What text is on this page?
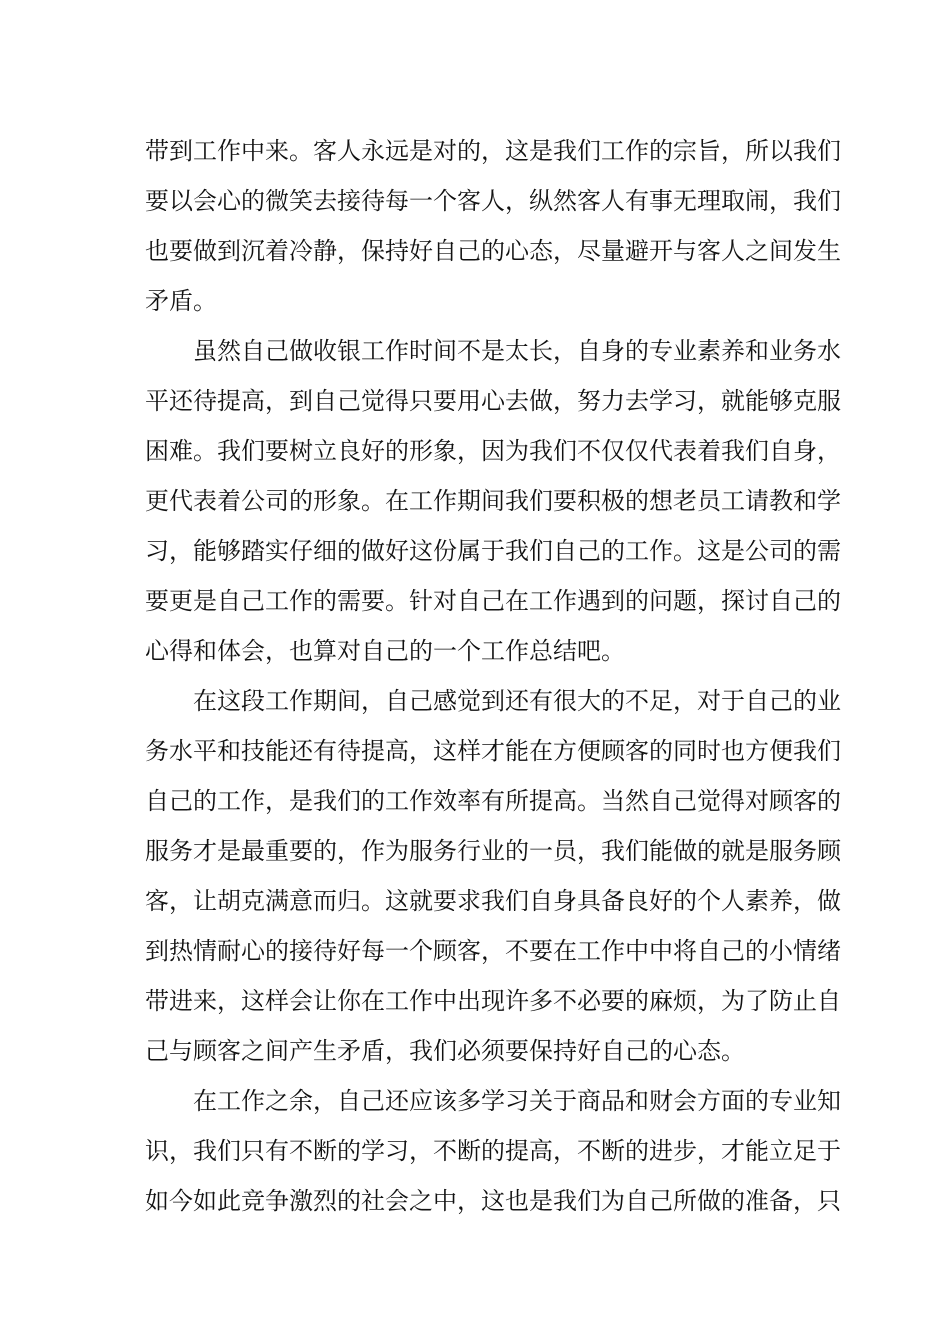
带 到 工 作 中 来 。 客 人 永 远 是 对 的 ， 这 是 我 们 工 作 的 宗 旨 ， 所 以 我 们
要 以 会 心 的 微 笑 去 接 待 每 一 个 客 人 ， 纵 然 客 人 有 事 无 理 取 闹 ， 我 们
也 要 做 到 沉 着 冷 静 ， 保 持 好 自 己 的 心 态 ， 尽 量 避 开 与 客 人 之 间 发 生
矛盾。
虽 然 自 己 做 收 银 工 作 时 间 不 是 太 长 ， 自 身 的 专 业 素 养 和 业 务 水
平 还 待 提 高 ， 到 自 己 觉 得 只 要 用 心 去 做 ， 努 力 去 学 习 ， 就 能 够 克 服
困 难 。 我 们 要 树 立 良 好 的 形 象 ， 因 为 我 们 不 仅 仅 代 表 着 我 们 自 身 ，
更 代 表 着 公 司 的 形 象 。 在 工 作 期 间 我 们 要 积 极 的 想 老 员 工 请 教 和 学
习 ， 能 够 踏 实 仔 细 的 做 好 这 份 属 于 我 们 自 己 的 工 作 。 这 是 公 司 的 需
要 更 是 自 己 工 作 的 需 要 。 针 对 自 己 在 工 作 遇 到 的 问 题 ， 探 讨 自 己 的
心得和体会，也算对自己的一个工作总结吧。
在 这 段 工 作 期 间 ， 自 己 感 觉 到 还 有 很 大 的 不 足 ， 对 于 自 己 的 业
务 水 平 和 技 能 还 有 待 提 高 ， 这 样 才 能 在 方 便 顾 客 的 同 时 也 方 便 我 们
自 己 的 工 作 ， 是 我 们 的 工 作 效 率 有 所 提 高 。 当 然 自 己 觉 得 对 顾 客 的
服 务 才 是 最 重 要 的 ， 作 为 服 务 行 业 的 一 员 ， 我 们 能 做 的 就 是 服 务 顾
客 ， 让 胡 克 满 意 而 归 。 这 就 要 求 我 们 自 身 具 备 良 好 的 个 人 素 养 ， 做
到 热 情 耐 心 的 接 待 好 每 一 个 顾 客 ， 不 要 在 工 作 中 中 将 自 己 的 小 情 绪
带 进 来 ， 这 样 会 让 你 在 工 作 中 出 现 许 多 不 必 要 的 麻 烦 ， 为 了 防 止 自
己与顾客之间产生矛盾，我们必须要保持好自己的心态。
在 工 作 之 余 ， 自 己 还 应 该 多 学 习 关 于 商 品 和 财 会 方 面 的 专 业 知
识 ， 我 们 只 有 不 断 的 学 习 ， 不 断 的 提 高 ， 不 断 的 进 步 ， 才 能 立 足 于
如 今 如 此 竞 争 激 烈 的 社 会 之 中 ， 这 也 是 我 们 为 自 己 所 做 的 准 备 ， 只
